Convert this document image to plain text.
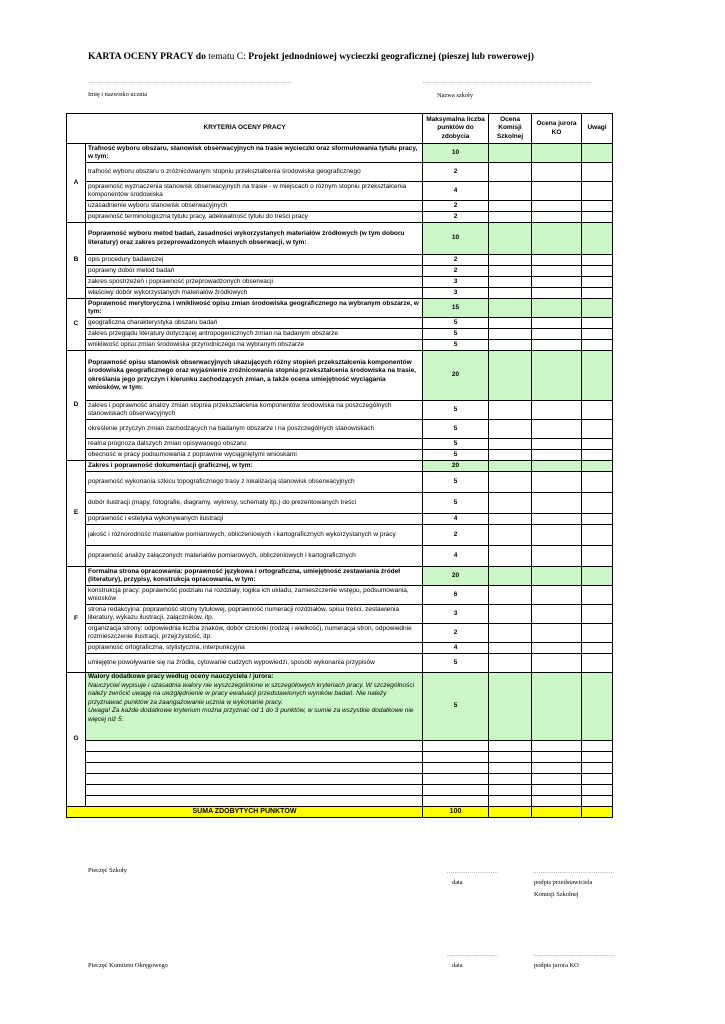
KARTA OCENY PRACY do tematu C: Projekt jednodniowej wycieczki geograficznej (pieszej lub rowerowej)
......................................................................................................	.....................................................................................
Imię i nazwisko ucznia	Nazwa szkoły
KRYTERIA OCENY PRACY		Maksymalna liczba punktów do zdobycia	Ocena Komisji Szkolnej	Ocena jurora KO	Uwagi
A	Trafność wyboru obszaru, stanowisk obserwacyjnych na trasie wycieczki oraz sformułowania tytułu pracy, w tym:	10			
	trafność wyboru obszaru o zróżnicowanym stopniu przekształcenia środowiska geograficznego	2			
	poprawność wyznaczenia stanowisk obserwacyjnych na trasie - w miejscach o różnym stopniu przekształcenia komponentów środowiska	4			
	uzasadnienie wyboru stanowisk obserwacyjnych	2			
	poprawność terminologiczna tytułu pracy, adekwatność tytułu do treści pracy	2			
B	Poprawność wyboru metod badań, zasadności wykorzystanych materiałów źródłowych (w tym doboru literatury) oraz zakres przeprowadzonych własnych obserwacji, w tym:	10			
	opis procedury badawczej	2			
	poprawny dobór metod badań	2			
	zakres spostrzeżeń i poprawność przeprowadzonych obserwacji	3			
	właściwy dobór wykorzystanych materiałów źródłowych	3			
C	Poprawność merytoryczna i wnikliwość opisu zmian środowiska geograficznego na wybranym obszarze, w tym:	15			
	geograficzna charakterystyka obszaru badań	5			
	zakres przeglądu literatury dotyczącej antropogenicznych zmian na badanym obszarze	5			
	wnikliwość opisu zmian środowiska przyrodniczego na wybranym obszarze	5			
D	Poprawność opisu stanowisk obserwacyjnych ukazujących różny stopień przekształcenia komponentów środowiska geograficznego oraz wyjaśnienie zróżnicowania stopnia przekształcenia środowiska na trasie, określania jego przyczyn i kierunku zachodzących zmian, a także ocena umiejętność wyciągania wniosków, w tym:	20			
	zakres i poprawność analizy zmian stopnia przekształcenia komponentów środowiska na poszczególnych stanowiskach obserwacyjnych	5			
	określenie przyczyn zmian zachodzących na badanym obszarze i na poszczególnych stanowiskach	5			
	realna prognoza dalszych zmian opisywanego obszaru	5			
	obecność w pracy podsumowania z poprawnie wyciągniętymi wnioskami	5			
E	Zakres i poprawność dokumentacji graficznej, w tym:	20			
	poprawność wykonania szkicu topograficznego trasy z lokalizacją stanowisk obserwacyjnych	5			
	dobór ilustracji (mapy, fotografie, diagramy, wykresy, schematy itp.) do prezentowanych treści	5			
	poprawność i estetyka wykonywanych ilustracji	4			
	jakość i różnorodność materiałów pomiarowych, obliczeniowych i kartograficznych wykorzystanych w pracy	2			
	poprawność analizy załączonych materiałów pomiarowych, obliczeniowych i kartograficznych	4			
F	Formalna strona opracowania: poprawność językowa i ortograficzna, umiejętność zestawiania źródeł (literatury), przypisy, konstrukcja opracowania, w tym:	20			
	konstrukcja pracy: poprawność podziału na rozdziały, logika ich układu, zamieszczenie wstępu, podsumowania, wniosków	6			
	strona redakcyjna: poprawność strony tytułowej, poprawność numeracji rozdziałów, spisu treści, zestawienia literatury, wykazu ilustracji, załączników, itp.	3			
	organizacja strony: odpowiednia liczba znaków, dobór czcionki (rodzaj i wielkość), numeracja stron, odpowiednie rozmieszczenie ilustracji, przejrzystość, itp.	2			
	poprawność ortograficzna, stylistyczna, interpunkcyjna	4			
	umiejętne powoływanie się na źródła, cytowanie cudzych wypowiedzi, sposób wykonania przypisów	5			
G	Walory dodatkowe pracy według oceny nauczyciela / jurora:
Nauczyciel wypisuje i uzasadnia walory nie wyszczególnione w szczegółowych kryteriach pracy. W szczególności należy zwrócić uwagę na uwzględnienie w pracy ewaluacji przedstawionych wyników badań. Nie należy przyznawać punktów za zaangażowanie ucznia w wykonanie pracy.
Uwaga! Za każde dodatkowe kryterium można przyznać od 1 do 3 punktów, w sumie za wszystkie dodatkowe nie więcej niż 5.	5			

SUMA ZDOBYTYCH PUNKTÓW		100			
Pieczęć Szkoły	...........................	...........................................
data	podpis przedstawiciela
Komisji Szkolnej
...........................	...........................................
Pieczęć Komitetu Okręgowego	data	podpis jurora KO
